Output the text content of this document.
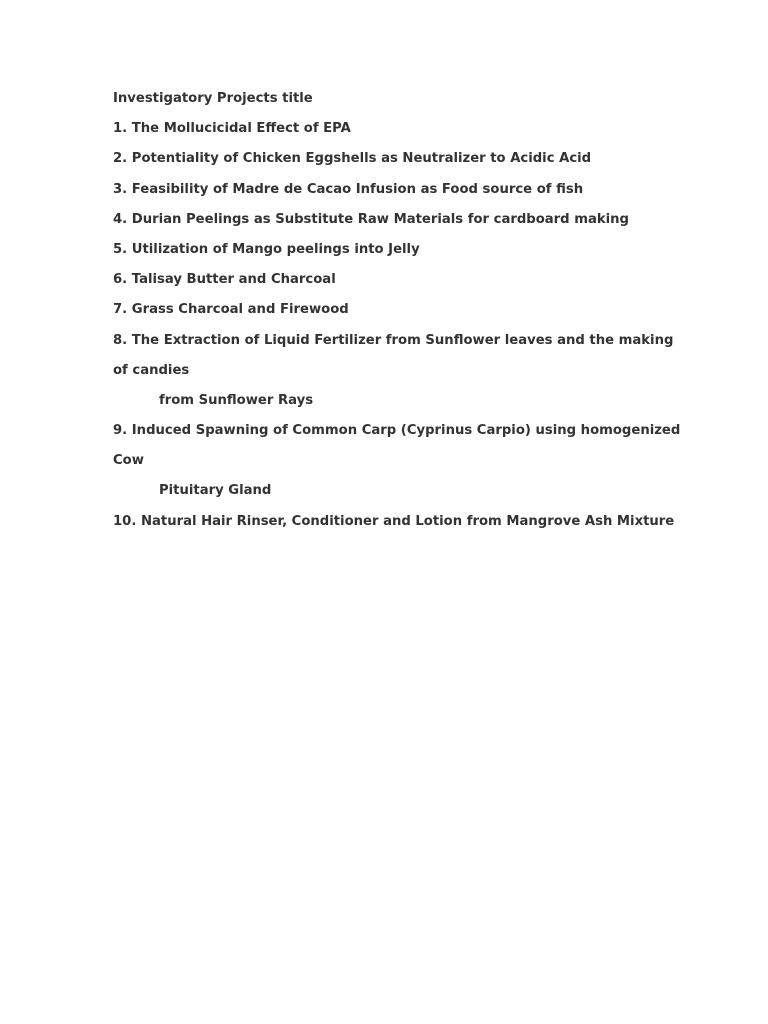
Investigatory Projects title

1. The Mollucicidal Effect of EPA

2. Potentiality of Chicken Eggshells as Neutralizer to Acidic Acid

3. Feasibility of Madre de Cacao Infusion as Food source of fish

4. Durian Peelings as Substitute Raw Materials for cardboard making

5. Utilization of Mango peelings into Jelly

6. Talisay Butter and Charcoal

7. Grass Charcoal and Firewood

8. The Extraction of Liquid Fertilizer from Sunflower leaves and the making

of candies

from Sunflower Rays

9. Induced Spawning of Common Carp (Cyprinus Carpio) using homogenized

Cow

Pituitary Gland

10. Natural Hair Rinser, Conditioner and Lotion from Mangrove Ash Mixture
